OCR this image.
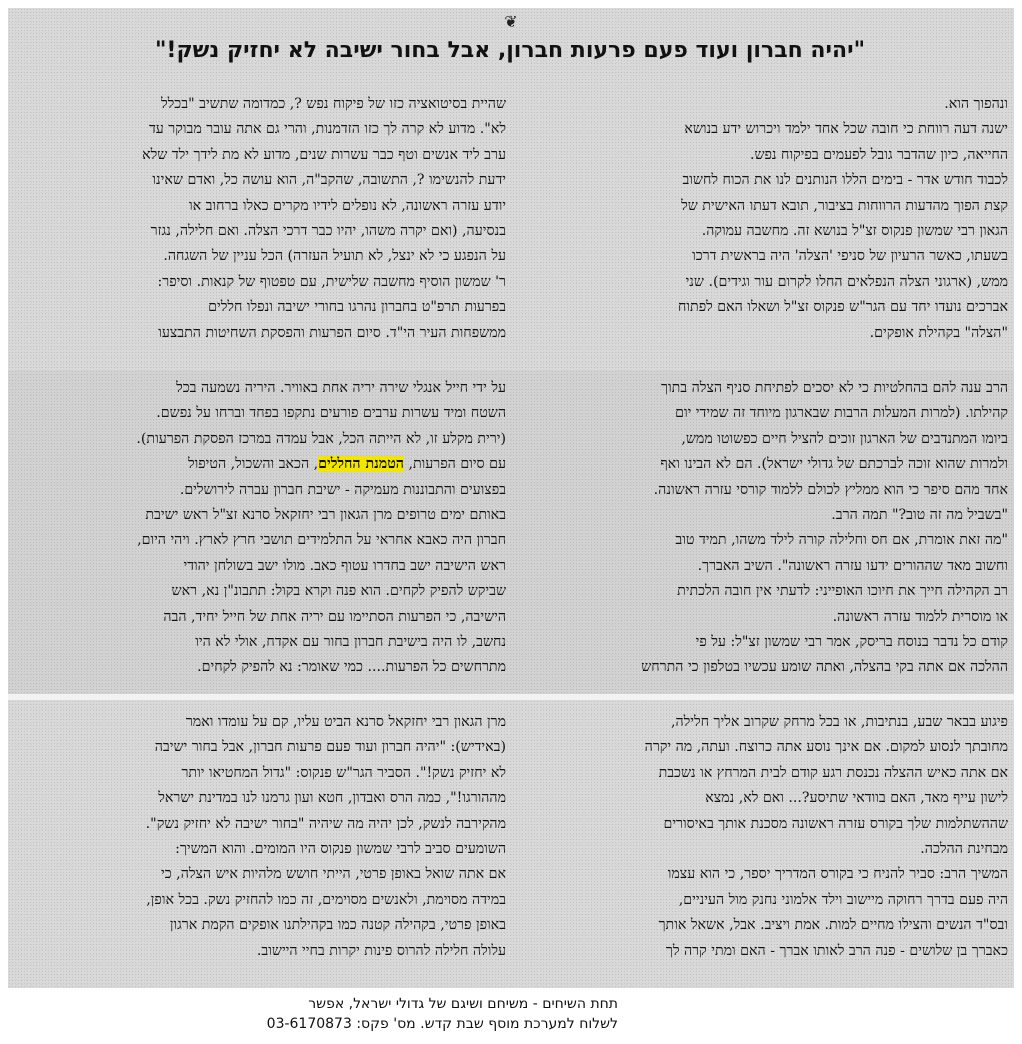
❦
"יהיה חברון ועוד פעם פרעות חברון, אבל בחור ישיבה לא יחזיק נשק!"
ונהפוך הוא.
ישנה דעה רווחת כי חובה שכל אחד ילמד ויכרוש ידע בנושא
החייאה, כיון שהדבר גובל לפעמים בפיקוח נפש.
לכבוד חודש אדר - בימים הללו הנותנים לנו את הכוח לחשוב
קצת הפוך מהדעות הרווחות בציבור, תובא דעתו האישית של
הגאון רבי שמשון פנקוס זצ"ל בנושא זה. מחשבה עמוקה.
בשעתו, כאשר הרעיון של סניפי 'הצלה' היה בראשית דרכו
ממש, (ארגוני הצלה הנפלאים החלו לקרום עור וגידים). שני
אברכים נועדו יחד עם הגר"ש פנקוס זצ"ל ושאלו האם לפתוח
"הצלה" בקהילת אופקים.
שהיית בסיטואציה כזו של פיקוח נפש ?, כמדומה שתשיב "בכלל
לא". מדוע לא קרה לך כזו הזדמנות, והרי גם אתה עובר מבוקר עד
ערב ליד אנשים וטף כבר עשרות שנים, מדוע לא מת לידך ילד שלא
ידעת להנשימו ?, התשובה, שהקב"ה, הוא עושה כל, ואדם שאינו
יודע עזרה ראשונה, לא נופלים לידיו מקרים כאלו ברחוב או
בנסיעה, (ואם יקרה משהו, יהיו כבר דרכי הצלה. ואם חלילה, נגזר
על הנפגע כי לא ינצל, לא תועיל העזרה) הכל עניין של השגחה.
ר' שמשון הוסיף מחשבה שלישית, עם טפטוף של קנאות. וסיפר:
בפרעות תרפ"ט בחברון נהרגו בחורי ישיבה ונפלו חללים
ממשפחות העיר הי"ד. סיום הפרעות והפסקת השחיטות התבצעו
הרב ענה להם בהחלטיות כי לא יסכים לפתיחת סניף הצלה בתוך
קהילתו. (למרות המעלות הרבות שבארגון מיוחד זה שמידי יום
ביומו המתנדבים של הארגון זוכים להציל חיים כפשוטו ממש,
ולמרות שהוא זוכה לברכתם של גדולי ישראל). הם לא הבינו ואף
אחד מהם סיפר כי הוא ממליץ לכולם ללמוד קורסי עזרה ראשונה.
"בשביל מה זה טוב?" תמה הרב.
"מה זאת אומרת, אם חס וחלילה קורה לילד משהו, תמיד טוב
וחשוב מאד שההורים ידעו עזרה ראשונה". השיב האברך.
רב הקהילה חייך את חיוכו האופייני: לדעתי אין חובה הלכתית
או מוסרית ללמוד עזרה ראשונה.
קודם כל נדבר בנוסח בריסק, אמר רבי שמשון זצ"ל: על פי
ההלכה אם אתה בקי בהצלה, ואתה שומע עכשיו בטלפון כי התרחש
על ידי חייל אנגלי שירה יריה אחת באוויר. היריה נשמעה בכל
השטח ומיד עשרות ערבים פורעים נתקפו בפחד וברחו על נפשם.
(ירית מקלע זו, לא הייתה הכל, אבל עמדה במרכז הפסקת הפרעות).
עם סיום הפרעות, הטמנת החללים, הכאב והשכול, הטיפול
בפצועים והתבוננות מעמיקה - ישיבת חברון עברה לירושלים.
באותם ימים טרופים מרן הגאון רבי יחזקאל סרנא זצ"ל ראש ישיבת
חברון היה כאבא אחראי על התלמידים תושבי חרץ לארץ. ויהי היום,
ראש הישיבה ישב בחדרו עטוף כאב. מולו ישב בשולחן יהודי
שביקש להפיק לקחים. הוא פנה וקרא בקול: תתבונ"ן נא, ראש
הישיבה, כי הפרעות הסתיימו עם יריה אחת של חייל יחיד, הבה
נחשב, לו היה בישיבת חברון בחור עם אקדח, אולי לא היו
מתרחשים כל הפרעות.... כמי שאומר: נא להפיק לקחים.
פיגוע בבאר שבע, בנתיבות, או בכל מרחק שקרוב אליך חלילה,
מחובתך לנסוע למקום. אם אינך נוסע אתה כרוצח. ועתה, מה יקרה
אם אתה כאיש ההצלה נכנסת רגע קודם לבית המרחץ או נשכבת
לישון עייף מאד, האם בוודאי שתיסע?... ואם לא, נמצא
שההשתלמות שלך בקורס עזרה ראשונה מסכנת אותך באיסורים
מבחינת ההלכה.
המשיך הרב: סביר להניח כי בקורס המדריך יספר, כי הוא עצמו
היה פעם בדרך רחוקה מיישוב וילד אלמוני נחנק מול העיניים,
ובס"ד הנשים והצילו מחיים למות. אמת ויציב. אבל, אשאל אותך
כאברך בן שלושים - פנה הרב לאותו אברך - האם ומתי קרה לך
מרן הגאון רבי יחזקאל סרנא הביט עליו, קם על עומדו ואמר
(באידיש): "יהיה חברון ועוד פעם פרעות חברון, אבל בחור ישיבה
לא יחזיק נשק!". הסביר הגר"ש פנקוס: "גדול המחטיאו יותר
מההורגו!", כמה הרס ואבדון, חטא ועון גרמנו לנו במדינת ישראל
מהקירבה לנשק, לכן יהיה מה שיהיה "בחור ישיבה לא יחזיק נשק".
השומעים סביב לרבי שמשון פנקוס היו המומים. והוא המשיך:
אם אתה שואל באופן פרטי, הייתי חושש מלהיות איש הצלה, כי
במידה מסוימת, ולאנשים מסוימים, זה כמו להחזיק נשק. בכל אופן,
באופן פרטי, בקהילה קטנה כמו בקהילתנו אופקים הקמת ארגון
עלולה חלילה להרוס פינות יקרות בחיי היישוב.
תחת השיחים - משיחם ושיגם של גדולי ישראל, אפשר
לשלוח למערכת מוסף שבת קדש. מס' פקס: 03-6170873
